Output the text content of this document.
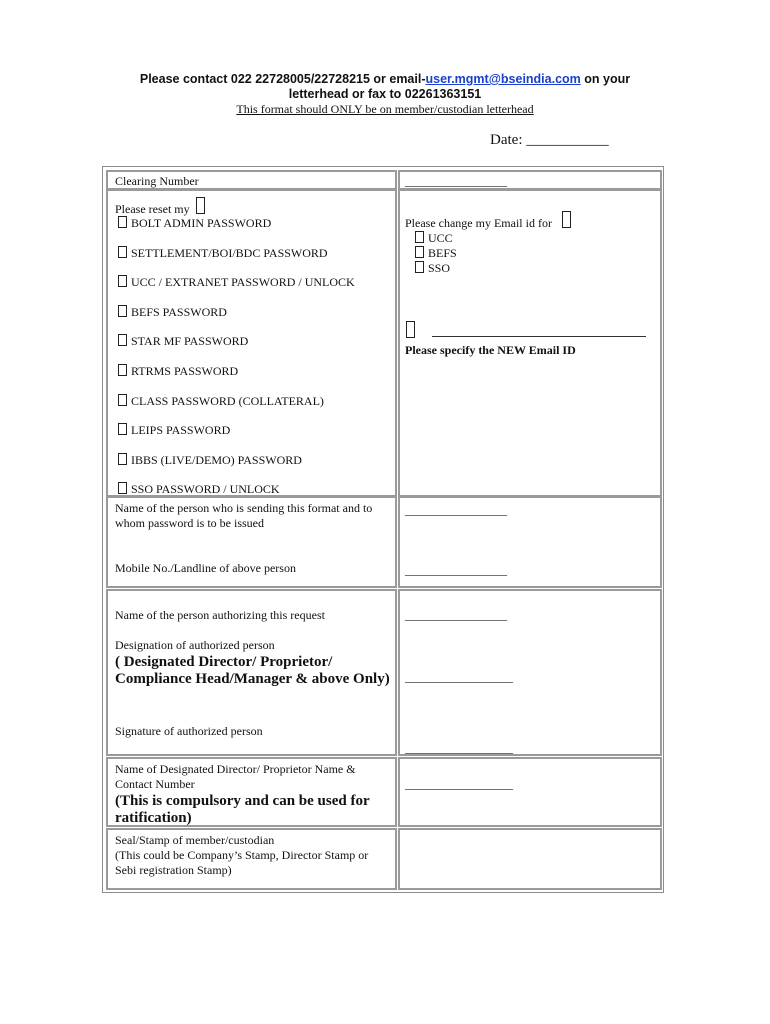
Please contact 022 22728005/22728215 or email-user.mgmt@bseindia.com on your
letterhead or fax to 02261363151
This format should ONLY be on member/custodian letterhead
Date: ___________
Clearing Number	_________________
Please reset my
BOLT ADMIN PASSWORD
SETTLEMENT/BOI/BDC PASSWORD
UCC / EXTRANET PASSWORD / UNLOCK
BEFS PASSWORD
STAR MF PASSWORD
RTRMS PASSWORD
CLASS PASSWORD (COLLATERAL)
LEIPS PASSWORD
IBBS (LIVE/DEMO) PASSWORD
SSO PASSWORD / UNLOCK
Please change my Email id for
UCC
BEFS
SSO
Please specify the NEW Email ID
Name of the person who is sending this format and to
whom password is to be issued
Mobile No./Landline of above person
_________________
_________________
Name of the person authorizing this request
Designation of authorized person
( Designated Director/ Proprietor/
Compliance Head/Manager & above Only)
Signature of authorized person
_________________
__________________
__________________
Name of Designated Director/ Proprietor Name &
Contact Number
(This is compulsory and can be used for
ratification)
__________________
Seal/Stamp of member/custodian
(This could be Company’s Stamp, Director Stamp or
Sebi registration Stamp)
